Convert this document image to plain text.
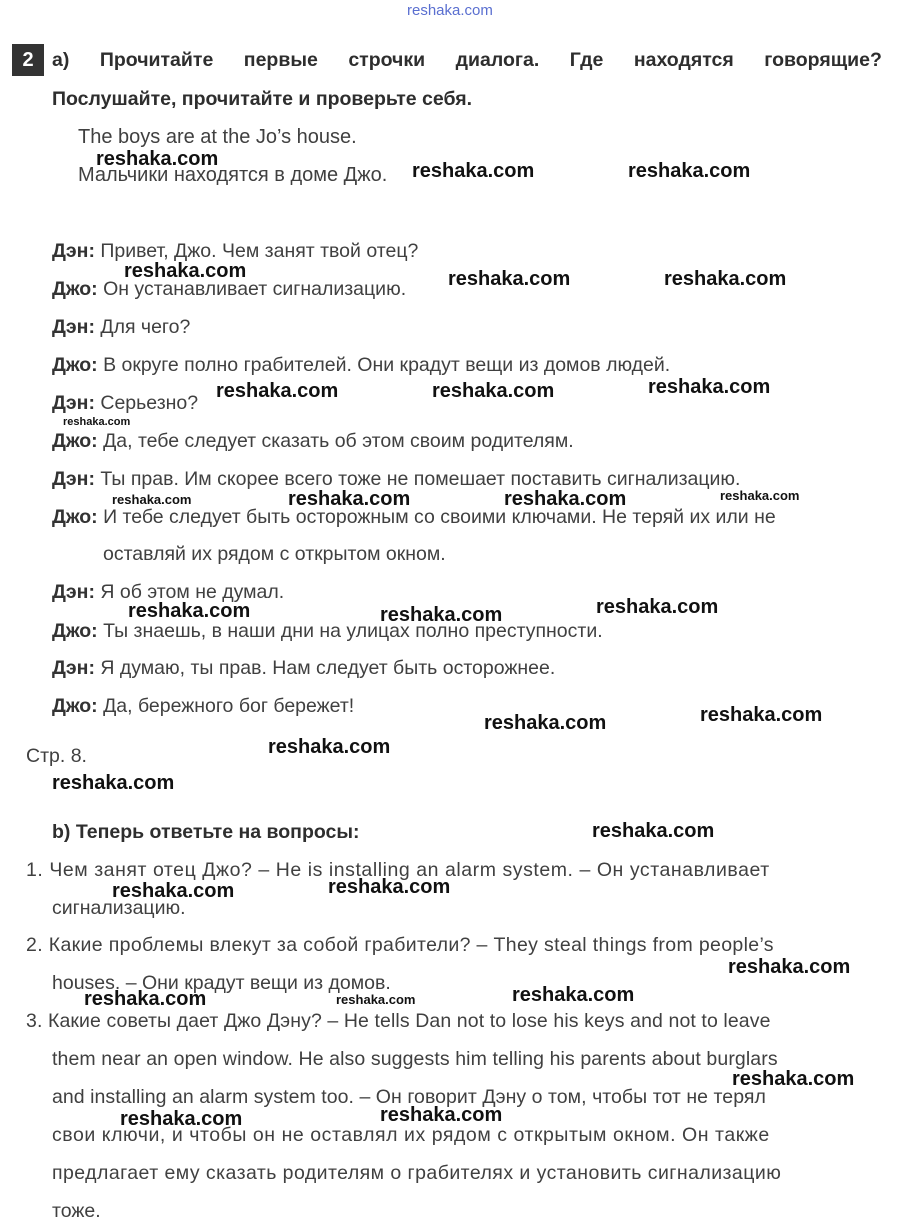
reshaka.com
2 a) Прочитайте первые строчки диалога. Где находятся говорящие?
Послушайте, прочитайте и проверьте себя.
The boys are at the Jo’s house.
Мальчики находятся в доме Джо.
Дэн: Привет, Джо. Чем занят твой отец?
Джо: Он устанавливает сигнализацию.
Дэн: Для чего?
Джо: В округе полно грабителей. Они крадут вещи из домов людей.
Дэн: Серьезно?
Джо: Да, тебе следует сказать об этом своим родителям.
Дэн: Ты прав. Им скорее всего тоже не помешает поставить сигнализацию.
Джо: И тебе следует быть осторожным со своими ключами. Не теряй их или не
оставляй их рядом с открытом окном.
Дэн: Я об этом не думал.
Джо: Ты знаешь, в наши дни на улицах полно преступности.
Дэн: Я думаю, ты прав. Нам следует быть осторожнее.
Джо: Да, бережного бог бережет!
Стр. 8.
b) Теперь ответьте на вопросы:
1. Чем занят отец Джо? – He is installing an alarm system. – Он устанавливает
сигнализацию.
2. Какие проблемы влекут за собой грабители? – They steal things from people’s
houses. – Они крадут вещи из домов.
3. Какие советы дает Джо Дэну? – He tells Dan not to lose his keys and not to leave
them near an open window. He also suggests him telling his parents about burglars
and installing an alarm system too. – Он говорит Дэну о том, чтобы тот не терял
свои ключи, и чтобы он не оставлял их рядом с открытым окном. Он также
предлагает ему сказать родителям о грабителях и установить сигнализацию
тоже.
reshaka.com
reshaka.com	reshaka.com
reshaka.com	reshaka.com	reshaka.com
reshaka.com	reshaka.com	reshaka.com
reshaka.com
reshaka.com	reshaka.com	reshaka.com	reshaka.com
reshaka.com	reshaka.com	reshaka.com
reshaka.com	reshaka.com
reshaka.com
reshaka.com
reshaka.com
reshaka.com	reshaka.com
reshaka.com
reshaka.com	reshaka.com	reshaka.com
reshaka.com
reshaka.com	reshaka.com
